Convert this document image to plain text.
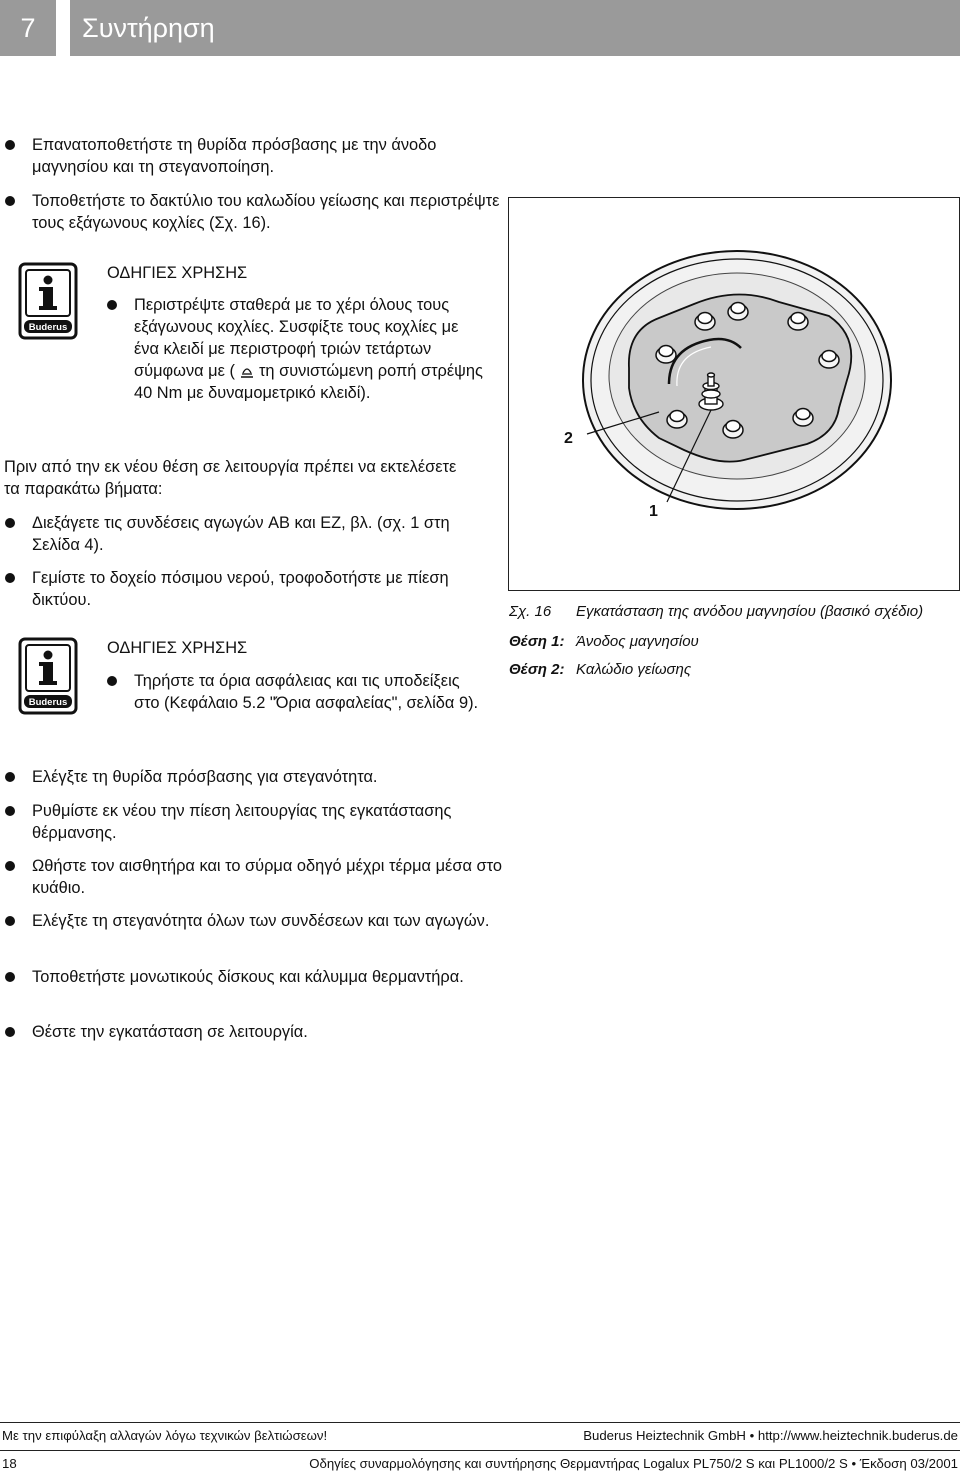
7	Συντήρηση
Επανατοποθετήστε τη θυρίδα πρόσβασης με την άνοδο μαγνησίου και τη στεγανοποίηση.
Τοποθετήστε το δακτύλιο του καλωδίου γείωσης και περιστρέψτε τους εξάγωνους κοχλίες (Σχ. 16).
Buderus
ΟΔΗΓΙΕΣ ΧΡΗΣΗΣ
Περιστρέψτε σταθερά με το χέρι όλους τους εξάγωνους κοχλίες. Συσφίξτε τους κοχλίες με ένα κλειδί με περιστροφή τριών τετάρτων σύμφωνα με ( τη συνιστώμενη ροπή στρέψης 40 Nm με δυναμομετρικό κλειδί).
Πριν από την εκ νέου θέση σε λειτουργία πρέπει να εκτελέσετε τα παρακάτω βήματα:
Διεξάγετε τις συνδέσεις αγωγών AB και EZ, βλ. (σχ. 1 στη Σελίδα 4).
Γεμίστε το δοχείο πόσιμου νερού, τροφοδοτήστε με πίεση δικτύου.
Buderus
ΟΔΗΓΙΕΣ ΧΡΗΣΗΣ
Τηρήστε τα όρια ασφάλειας και τις υποδείξεις στο (Κεφάλαιο 5.2 "Όρια ασφαλείας", σελίδα 9).
Ελέγξτε τη θυρίδα πρόσβασης για στεγανότητα.
Ρυθμίστε εκ νέου την πίεση λειτουργίας της εγκατάστασης θέρμανσης.
Ωθήστε τον αισθητήρα και το σύρμα οδηγό μέχρι τέρμα μέσα στο κυάθιο.
Ελέγξτε τη στεγανότητα όλων των συνδέσεων και των αγωγών.
Τοποθετήστε μονωτικούς δίσκους και κάλυμμα θερμαντήρα.
Θέστε την εγκατάσταση σε λειτουργία.
2
1
Σχ. 16 Εγκατάσταση της ανόδου μαγνησίου (βασικό σχέδιο)
Θέση 1: Άνοδος μαγνησίου
Θέση 2: Καλώδιο γείωσης
Με την επιφύλαξη αλλαγών λόγω τεχνικών βελτιώσεων!	Buderus Heiztechnik GmbH • http://www.heiztechnik.buderus.de
18	Οδηγίες συναρμολόγησης και συντήρησης Θερμαντήρας Logalux PL750/2 S και PL1000/2 S • Έκδοση 03/2001
